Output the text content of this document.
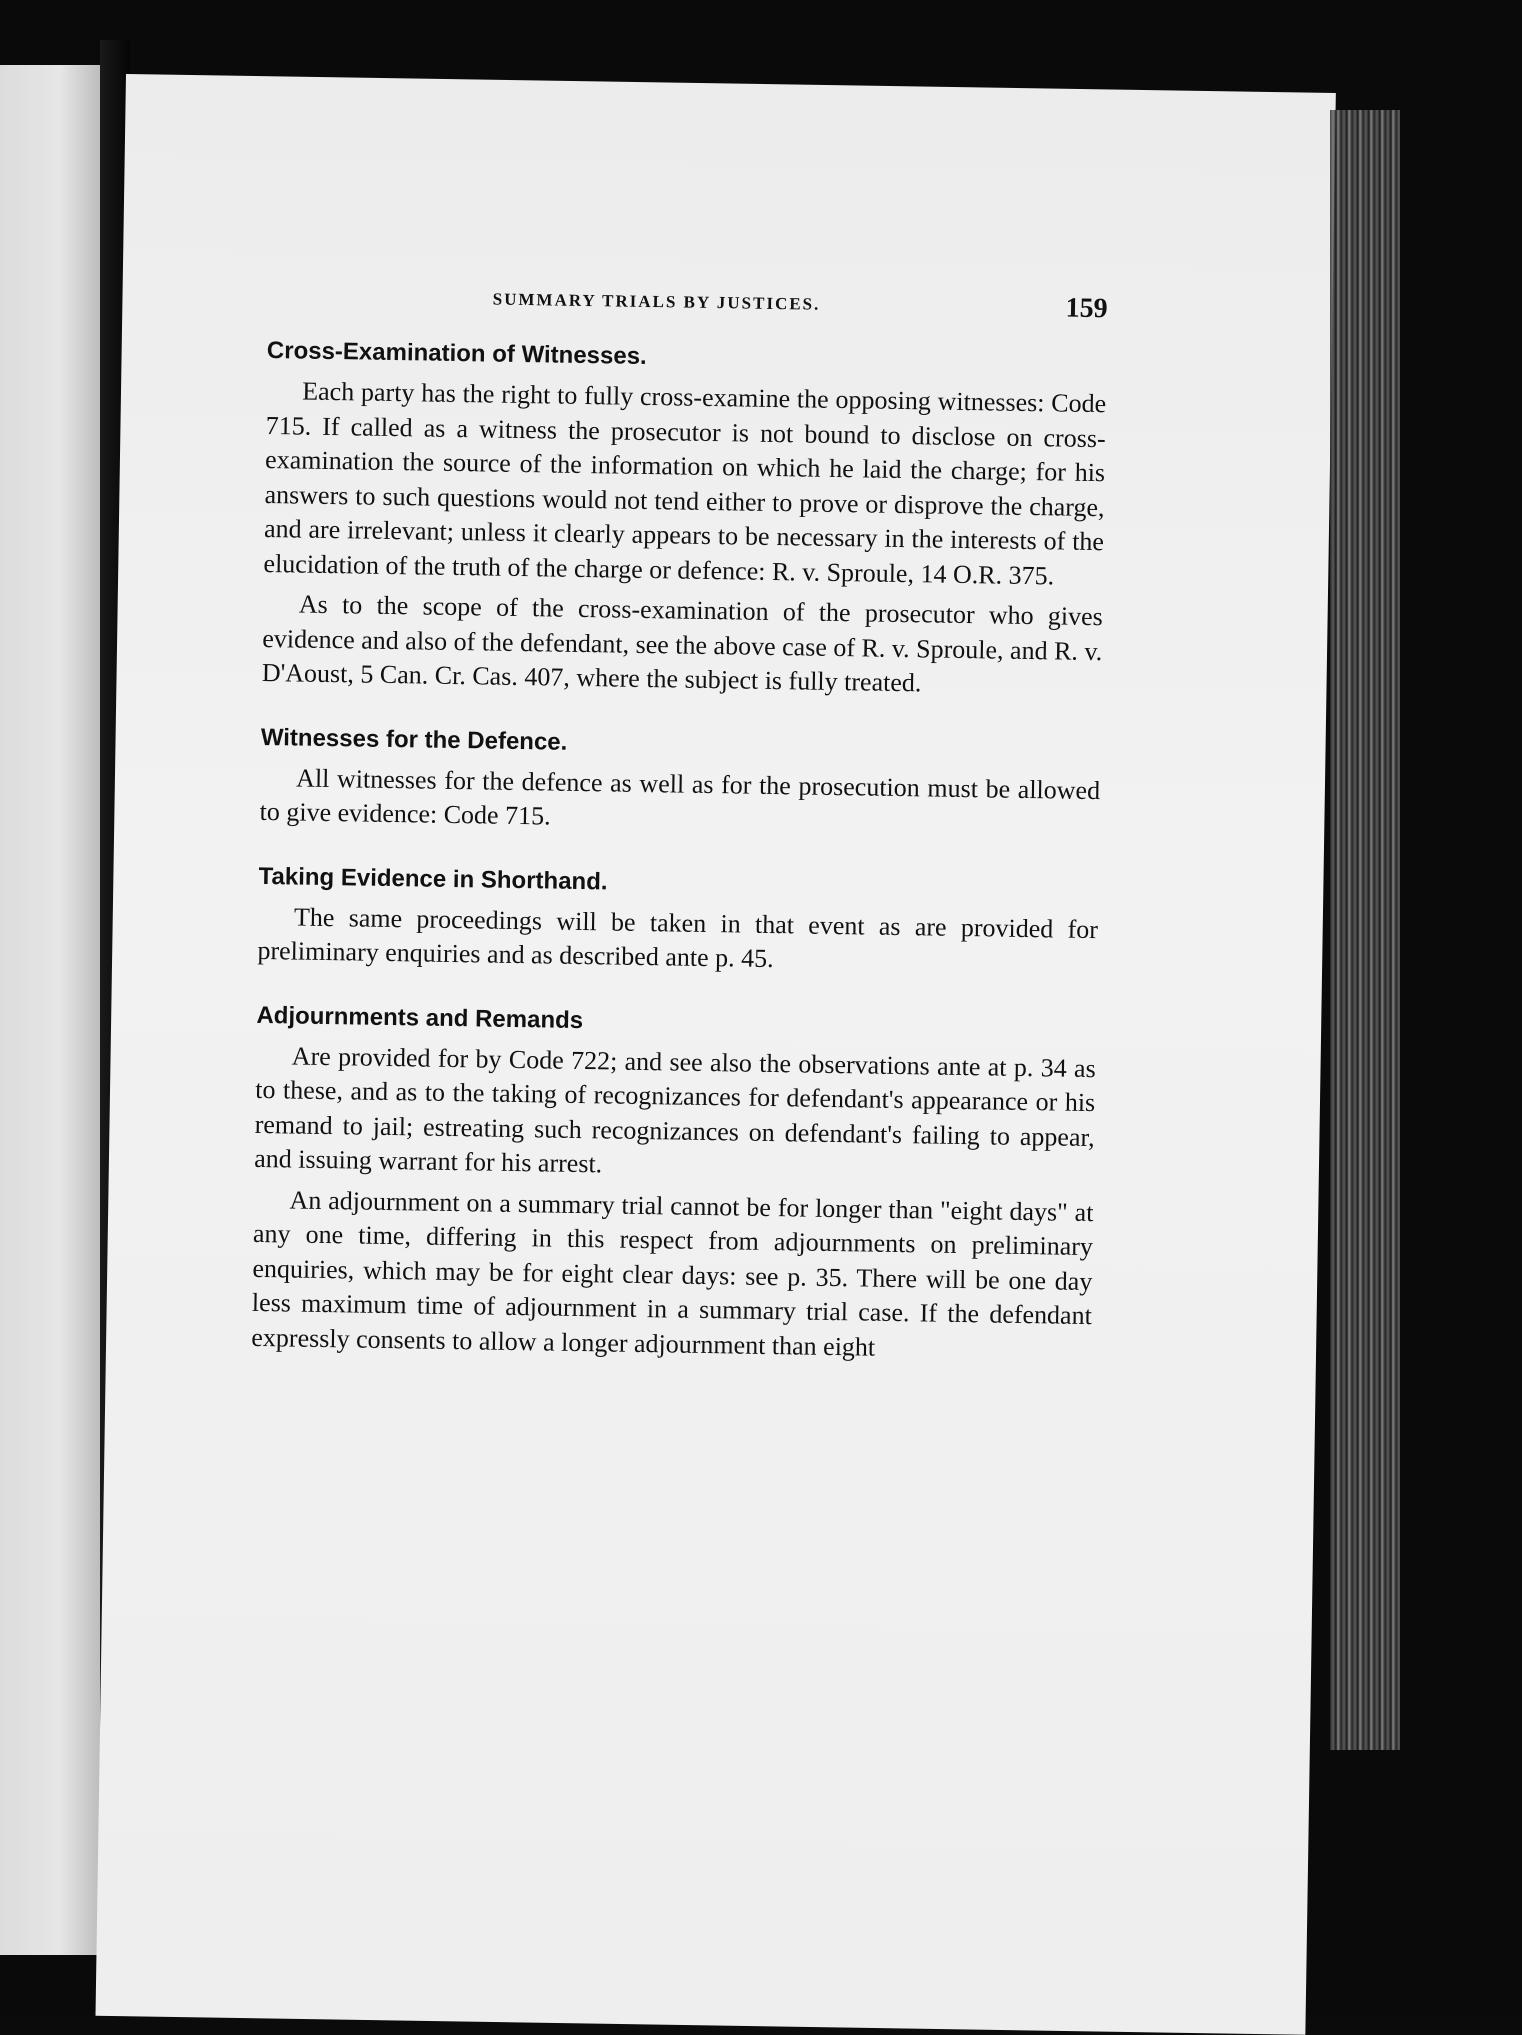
SUMMARY TRIALS BY JUSTICES.	159
Cross-Examination of Witnesses.

Each party has the right to fully cross-examine the opposing witnesses: Code 715. If called as a witness the prosecutor is not bound to disclose on cross-examination the source of the information on which he laid the charge; for his answers to such questions would not tend either to prove or disprove the charge, and are irrelevant; unless it clearly appears to be necessary in the interests of the elucidation of the truth of the charge or defence: R. v. Sproule, 14 O.R. 375.

As to the scope of the cross-examination of the prosecutor who gives evidence and also of the defendant, see the above case of R. v. Sproule, and R. v. D'Aoust, 5 Can. Cr. Cas. 407, where the subject is fully treated.

Witnesses for the Defence.

All witnesses for the defence as well as for the prosecution must be allowed to give evidence: Code 715.

Taking Evidence in Shorthand.

The same proceedings will be taken in that event as are provided for preliminary enquiries and as described ante p. 45.

Adjournments and Remands

Are provided for by Code 722; and see also the observations ante at p. 34 as to these, and as to the taking of recognizances for defendant's appearance or his remand to jail; estreating such recognizances on defendant's failing to appear, and issuing warrant for his arrest.

An adjournment on a summary trial cannot be for longer than "eight days" at any one time, differing in this respect from adjournments on preliminary enquiries, which may be for eight clear days: see p. 35. There will be one day less maximum time of adjournment in a summary trial case. If the defendant expressly consents to allow a longer adjournment than eight
